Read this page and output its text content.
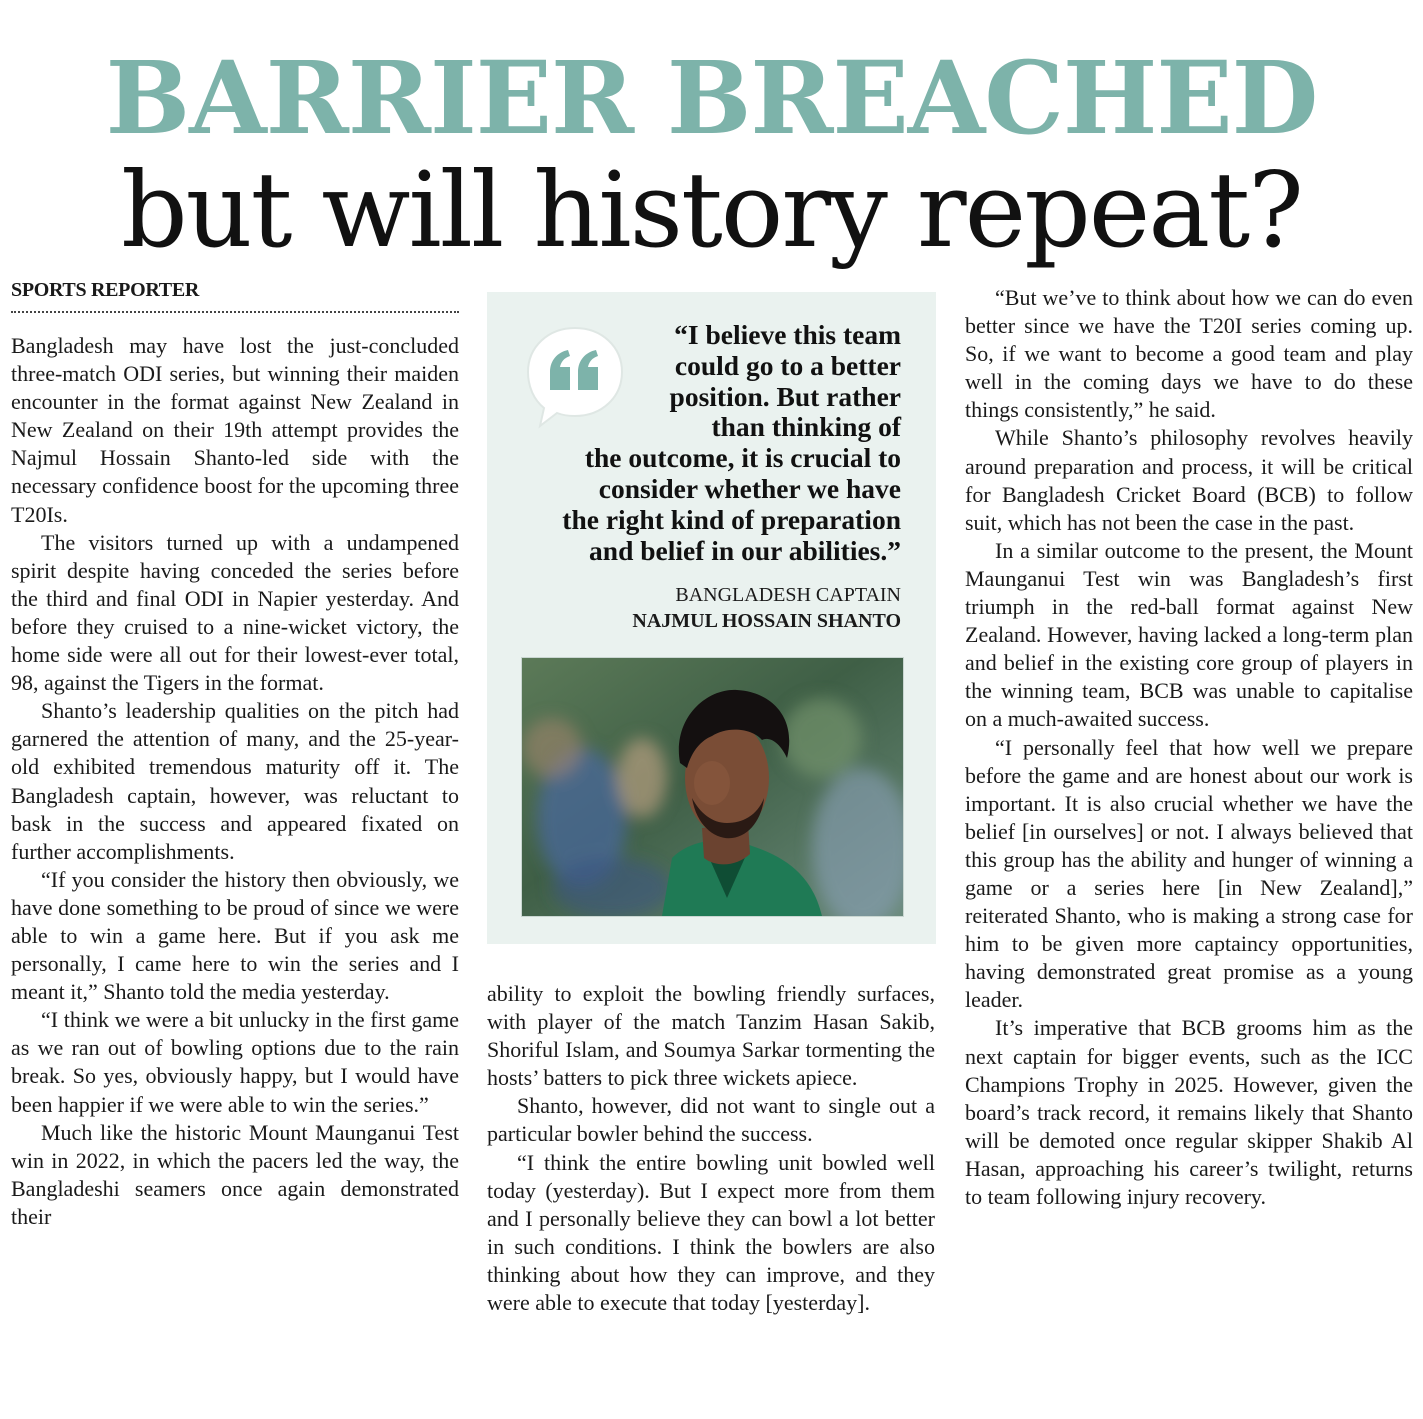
BARRIER BREACHED
but will history repeat?
SPORTS REPORTER

Bangladesh may have lost the just-concluded three-match ODI series, but winning their maiden encounter in the format against New Zealand in New Zealand on their 19th attempt provides the Najmul Hossain Shanto-led side with the necessary confidence boost for the upcoming three T20Is.

The visitors turned up with a undampened spirit despite having conceded the series before the third and final ODI in Napier yesterday. And before they cruised to a nine-wicket victory, the home side were all out for their lowest-ever total, 98, against the Tigers in the format.

Shanto’s leadership qualities on the pitch had garnered the attention of many, and the 25-year-old exhibited tremendous maturity off it. The Bangladesh captain, however, was reluctant to bask in the success and appeared fixated on further accomplishments.

“If you consider the history then obviously, we have done something to be proud of since we were able to win a game here. But if you ask me personally, I came here to win the series and I meant it,” Shanto told the media yesterday.

“I think we were a bit unlucky in the first game as we ran out of bowling options due to the rain break. So yes, obviously happy, but I would have been happier if we were able to win the series.”

Much like the historic Mount Maunganui Test win in 2022, in which the pacers led the way, the Bangladeshi seamers once again demonstrated their

“I believe this team
could go to a better
position. But rather
than thinking of
the outcome, it is crucial to
consider whether we have
the right kind of preparation
and belief in our abilities.”
BANGLADESH CAPTAIN
NAJMUL HOSSAIN SHANTO

ability to exploit the bowling friendly surfaces, with player of the match Tanzim Hasan Sakib, Shoriful Islam, and Soumya Sarkar tormenting the hosts’ batters to pick three wickets apiece.

Shanto, however, did not want to single out a particular bowler behind the success.

“I think the entire bowling unit bowled well today (yesterday). But I expect more from them and I personally believe they can bowl a lot better in such conditions. I think the bowlers are also thinking about how they can improve, and they were able to execute that today [yesterday].

“But we’ve to think about how we can do even better since we have the T20I series coming up. So, if we want to become a good team and play well in the coming days we have to do these things consistently,” he said.

While Shanto’s philosophy revolves heavily around preparation and process, it will be critical for Bangladesh Cricket Board (BCB) to follow suit, which has not been the case in the past.

In a similar outcome to the present, the Mount Maunganui Test win was Bangladesh’s first triumph in the red-ball format against New Zealand. However, having lacked a long-term plan and belief in the existing core group of players in the winning team, BCB was unable to capitalise on a much-awaited success.

“I personally feel that how well we prepare before the game and are honest about our work is important. It is also crucial whether we have the belief [in ourselves] or not. I always believed that this group has the ability and hunger of winning a game or a series here [in New Zealand],” reiterated Shanto, who is making a strong case for him to be given more captaincy opportunities, having demonstrated great promise as a young leader.

It’s imperative that BCB grooms him as the next captain for bigger events, such as the ICC Champions Trophy in 2025. However, given the board’s track record, it remains likely that Shanto will be demoted once regular skipper Shakib Al Hasan, approaching his career’s twilight, returns to team following injury recovery.
